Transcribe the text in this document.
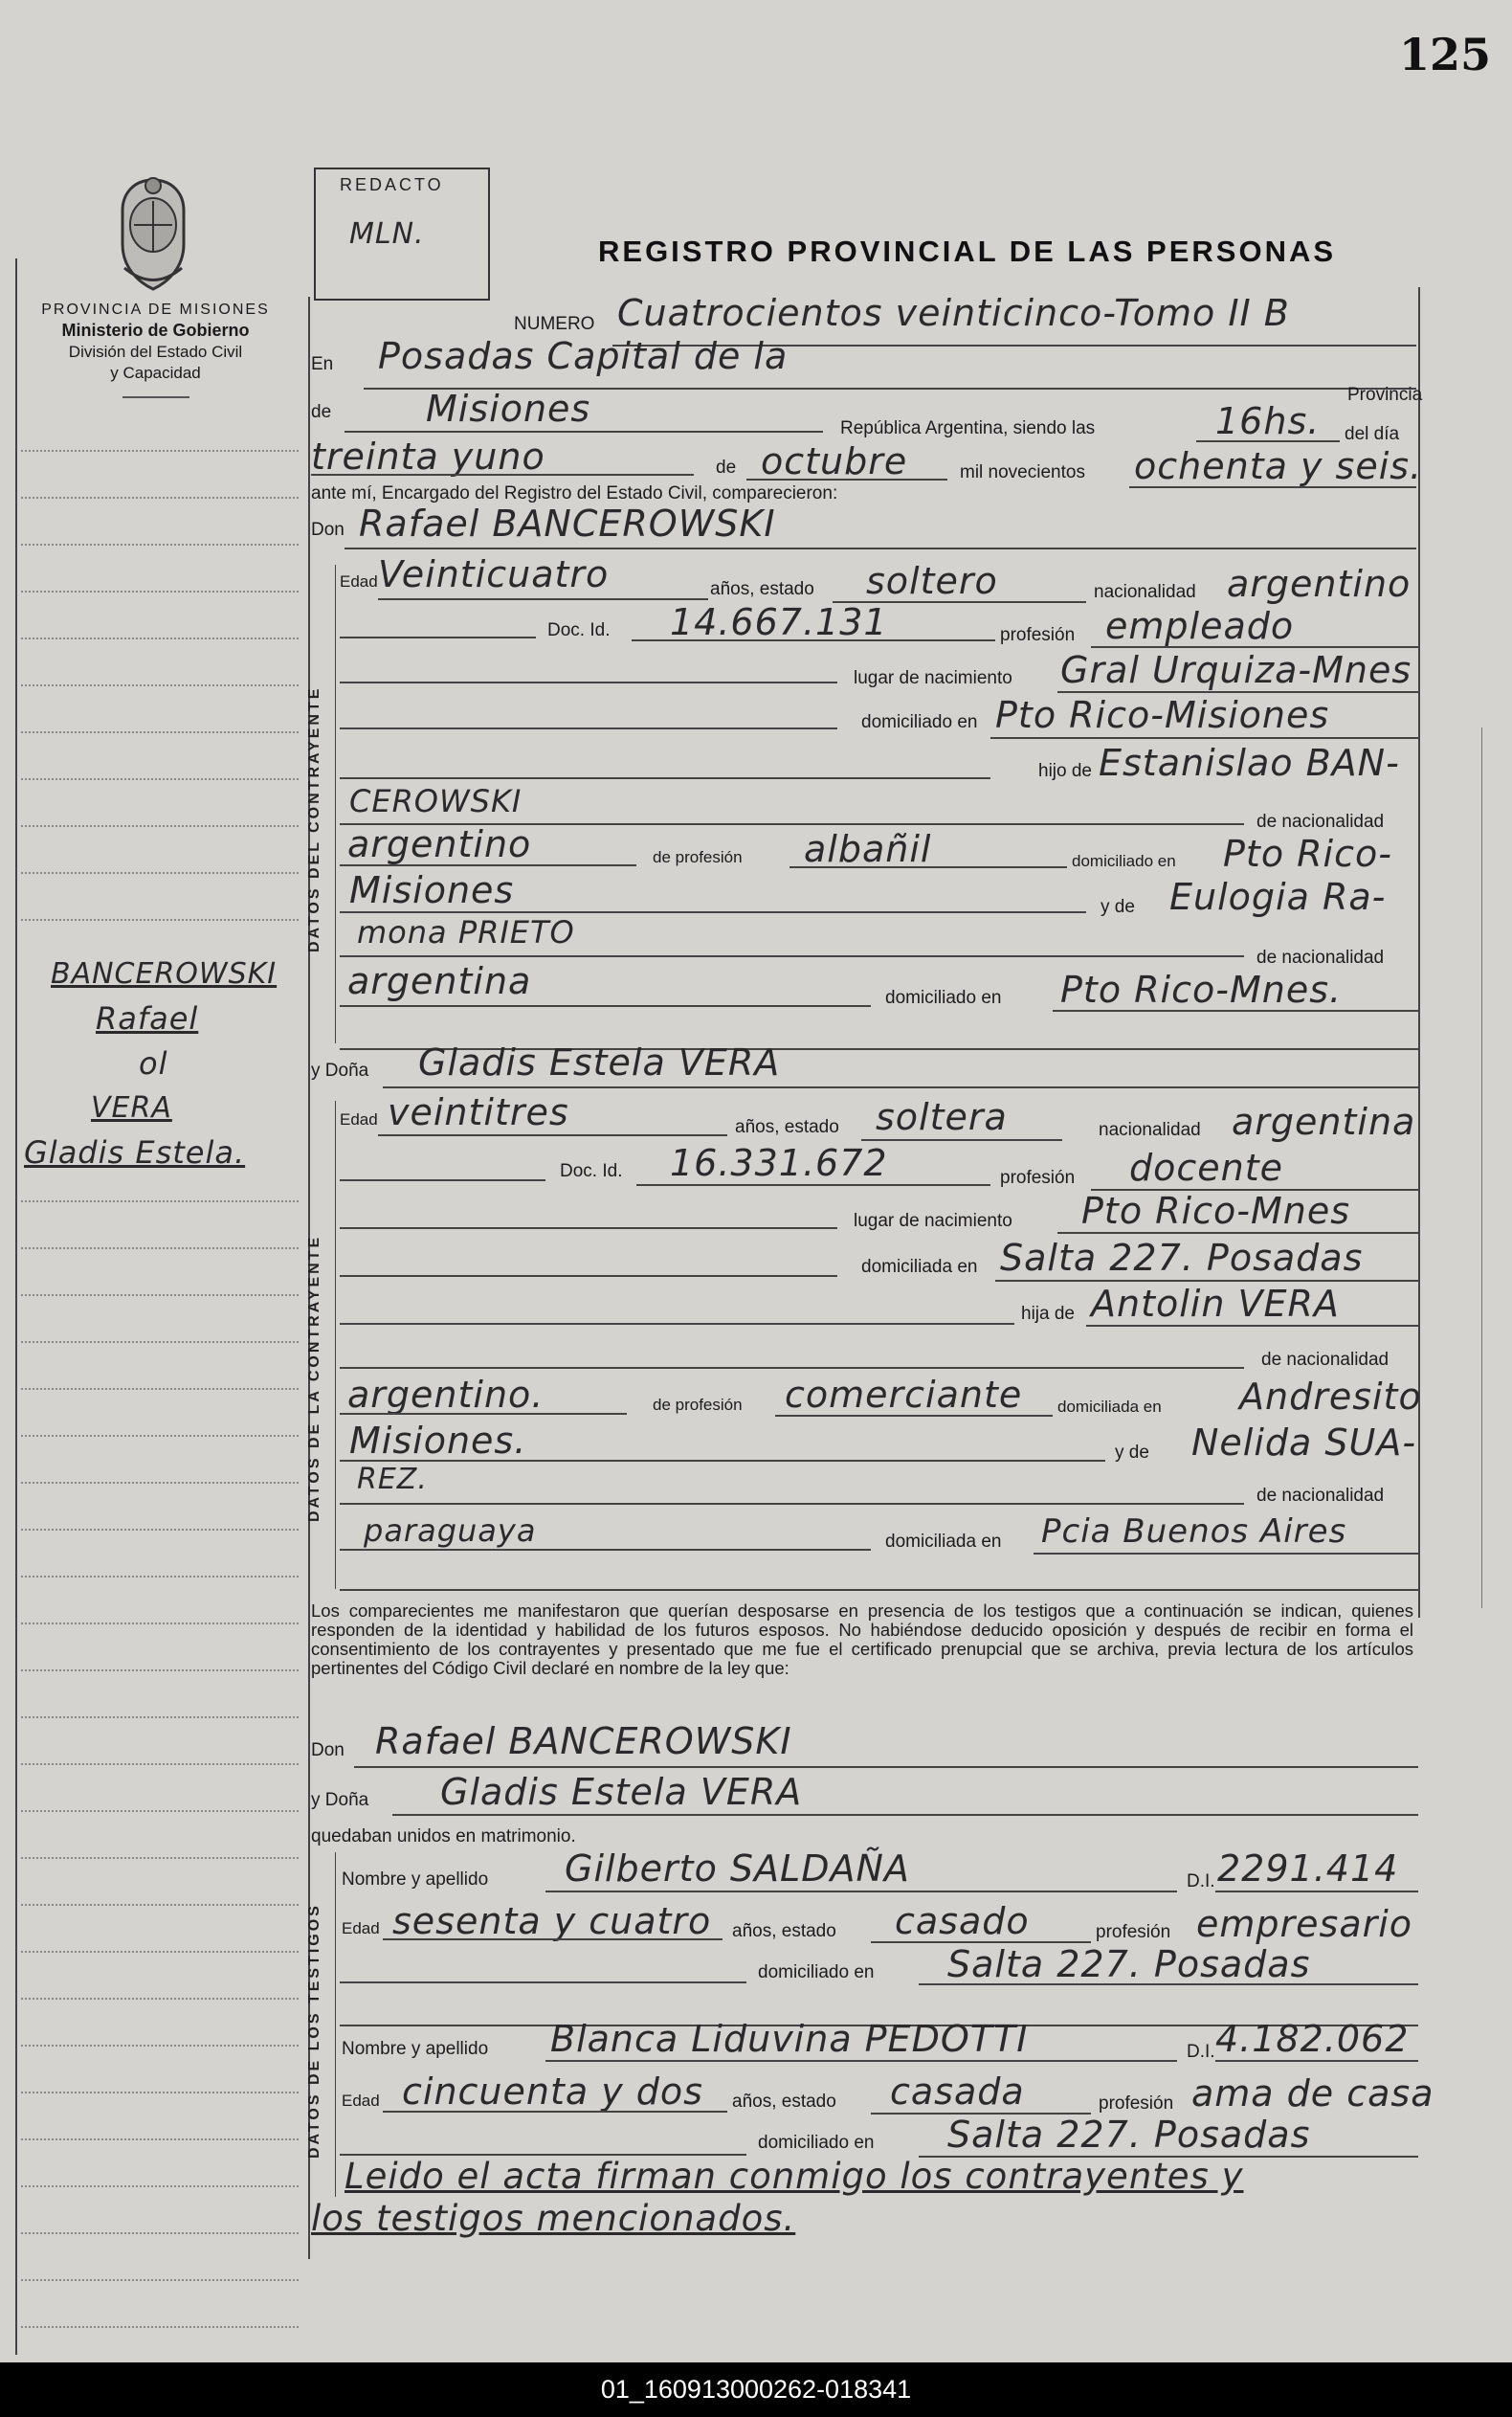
125
PROVINCIA DE MISIONES
Ministerio de Gobierno
División del Estado Civil
y Capacidad
REDACTO
MLN.
REGISTRO PROVINCIAL DE LAS PERSONAS
BANCEROWSKI
Rafael
ol
VERA
Gladis Estela.
NUMERO Cuatrocientos veinticinco-Tomo II B
En Posadas Capital de la
Provincia
de	Misiones	República Argentina, siendo las	16hs. del día
treinta yuno	de octubre	mil novecientos ochenta y seis.
ante mí, Encargado del Registro del Estado Civil, comparecieron:
Don Rafael BANCEROWSKI
DATOS DEL CONTRAYENTE
Edad Veinticuatro	años, estado soltero	nacionalidad argentino
Doc. Id. 14.667.131	profesión empleado
lugar de nacimiento Gral Urquiza-Mnes
domiciliado en Pto Rico-Misiones
hijo de Estanislao BAN-
CEROWSKI
de nacionalidad
argentino	de profesión albañil	domiciliado en Pto Rico-
Misiones	y de Eulogia Ra-
mona PRIETO
de nacionalidad
argentina	domiciliado en Pto Rico-Mnes.
y Doña Gladis Estela VERA
DATOS DE LA CONTRAYENTE
Edad veintitres	años, estado soltera	nacionalidad argentina
Doc. Id. 16.331.672	profesión docente
lugar de nacimiento Pto Rico-Mnes
domiciliada en Salta 227. Posadas
hija de Antolin VERA
de nacionalidad
argentino.	de profesión comerciante domiciliada en Andresito
Misiones.	y de Nelida SUA-
REZ.	de nacionalidad
paraguaya	domiciliada en Pcia Buenos Aires
Los comparecientes me manifestaron que querían desposarse en presencia de los testigos que a continuación se indican, quienes responden de la identidad y habilidad de los futuros esposos. No habiéndose deducido oposición y después de recibir en forma el consentimiento de los contrayentes y presentado que me fue el certificado prenupcial que se archiva, previa lectura de los artículos pertinentes del Código Civil declaré en nombre de la ley que:
Don Rafael BANCEROWSKI
y Doña Gladis Estela VERA
quedaban unidos en matrimonio.
DATOS DE LOS TESTIGOS
Nombre y apellido Gilberto SALDAÑA	D.I. 2291.414
Edad sesenta y cuatro años, estado casado	profesión empresario
domiciliado en Salta 227. Posadas
Nombre y apellido Blanca Liduvina PEDOTTI	D.I. 4.182.062
Edad cincuenta y dos años, estado casada	profesión ama de casa
domiciliado en Salta 227. Posadas
Leido el acta firman conmigo los contrayentes y
los testigos mencionados.
01_160913000262-018341
